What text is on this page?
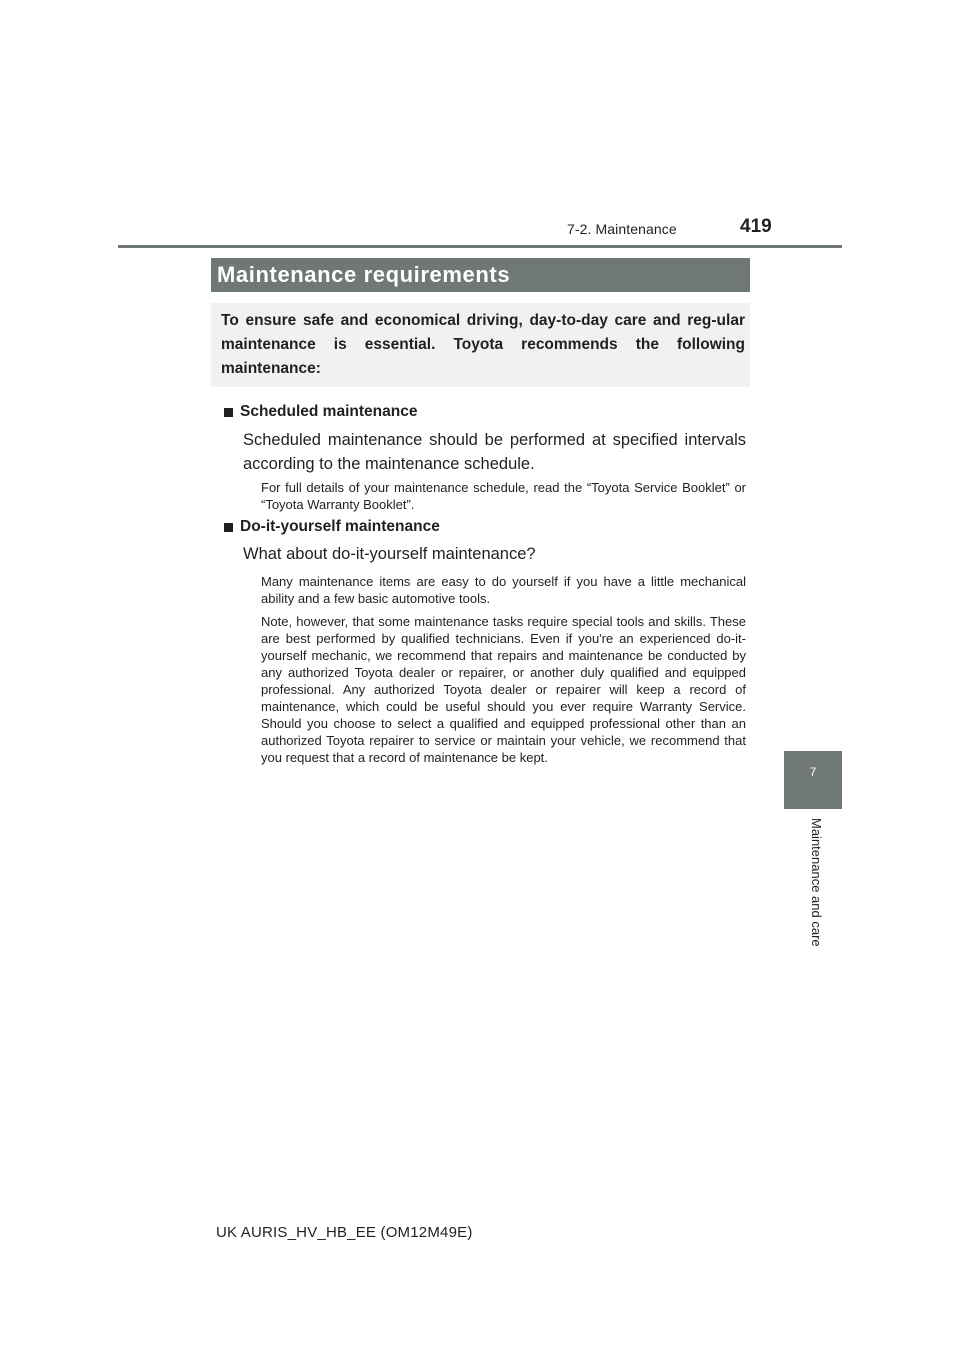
7-2. Maintenance	419
7
Maintenance and care
Maintenance requirements
To ensure safe and economical driving, day-to-day care and reg-ular maintenance is essential. Toyota recommends the following maintenance:
Scheduled maintenance
Scheduled maintenance should be performed at specified intervals according to the maintenance schedule.
For full details of your maintenance schedule, read the “Toyota Service Booklet” or “Toyota Warranty Booklet”.
Do-it-yourself maintenance
What about do-it-yourself maintenance?
Many maintenance items are easy to do yourself if you have a little mechanical ability and a few basic automotive tools.
Note, however, that some maintenance tasks require special tools and skills. These are best performed by qualified technicians. Even if you're an experienced do-it-yourself mechanic, we recommend that repairs and maintenance be conducted by any authorized Toyota dealer or repairer, or another duly qualified and equipped professional. Any authorized Toyota dealer or repairer will keep a record of maintenance, which could be useful should you ever require Warranty Service. Should you choose to select a qualified and equipped professional other than an authorized Toyota repairer to service or maintain your vehicle, we recommend that you request that a record of maintenance be kept.
UK AURIS_HV_HB_EE (OM12M49E)
